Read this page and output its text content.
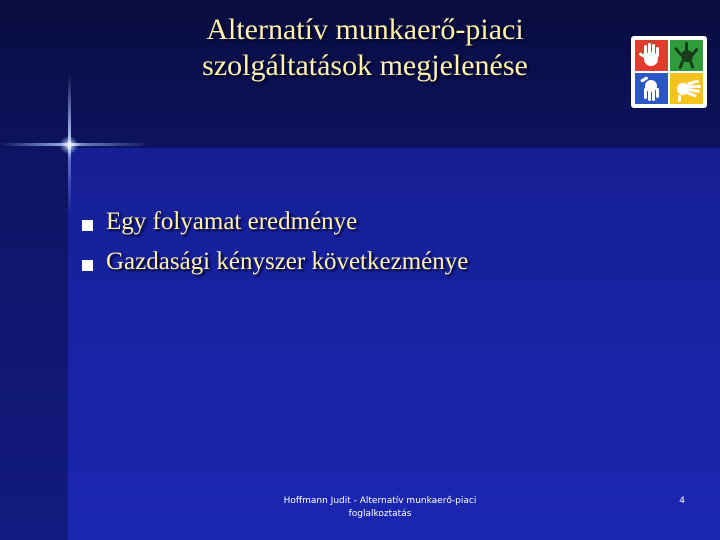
Alternatív munkaerő-piaci
szolgáltatások megjelenése
Egy folyamat eredménye
Gazdasági kényszer következménye
Hoffmann Judit - Alternatív munkaerő-piaci
foglalkoztatás
4
